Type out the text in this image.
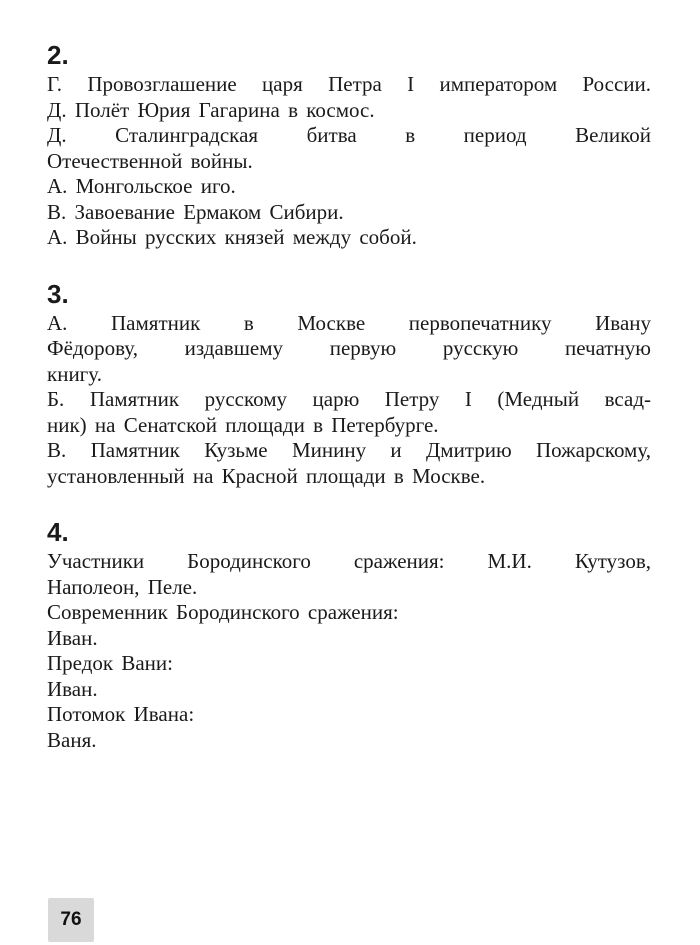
2.

Г. Провозглашение царя Петра I императором России.

Д. Полёт Юрия Гагарина в космос.

Д. Сталинградская битва в период Великой

Отечественной войны.

А. Монгольское иго.

В. Завоевание Ермаком Сибири.

А. Войны русских князей между собой.

3.

А. Памятник в Москве первопечатнику Ивану

Фёдорову, издавшему первую русскую печатную

книгу.

Б. Памятник русскому царю Петру I (Медный всад-

ник) на Сенатской площади в Петербурге.

В. Памятник Кузьме Минину и Дмитрию Пожарскому,

установленный на Красной площади в Москве.

4.

Участники Бородинского сражения: М.И. Кутузов,

Наполеон, Пеле.

Современник Бородинского сражения:

Иван.

Предок Вани:

Иван.

Потомок Ивана:

Ваня.

76
